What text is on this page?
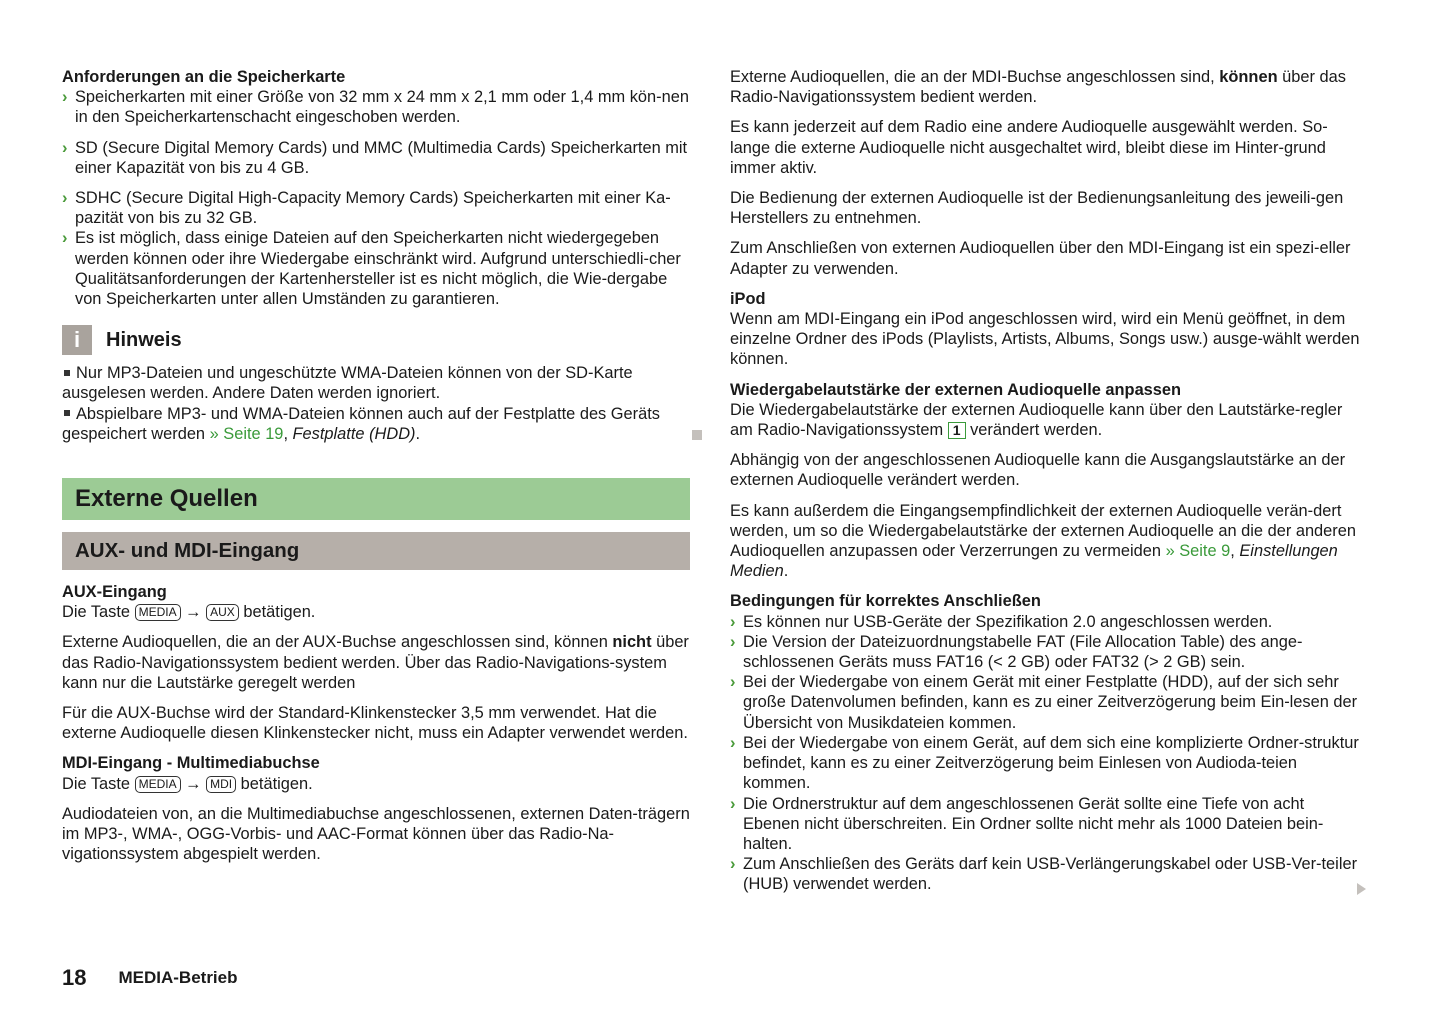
Anforderungen an die Speicherkarte
› Speicherkarten mit einer Größe von 32 mm x 24 mm x 2,1 mm oder 1,4 mm kön-nen in den Speicherkartenschacht eingeschoben werden.
› SD (Secure Digital Memory Cards) und MMC (Multimedia Cards) Speicherkarten mit einer Kapazität von bis zu 4 GB.
› SDHC (Secure Digital High-Capacity Memory Cards) Speicherkarten mit einer Ka-pazität von bis zu 32 GB.
› Es ist möglich, dass einige Dateien auf den Speicherkarten nicht wiedergegeben werden können oder ihre Wiedergabe einschränkt wird. Aufgrund unterschiedli-cher Qualitätsanforderungen der Kartenhersteller ist es nicht möglich, die Wie-dergabe von Speicherkarten unter allen Umständen zu garantieren.
i	Hinweis
Nur MP3-Dateien und ungeschützte WMA-Dateien können von der SD-Karte ausgelesen werden. Andere Daten werden ignoriert.
Abspielbare MP3- und WMA-Dateien können auch auf der Festplatte des Geräts gespeichert werden » Seite 19, Festplatte (HDD).
Externe Quellen
AUX- und MDI-Eingang
AUX-Eingang

Die Taste MEDIA → AUX betätigen.

Externe Audioquellen, die an der AUX-Buchse angeschlossen sind, können nicht über das Radio-Navigationssystem bedient werden. Über das Radio-Navigations-system kann nur die Lautstärke geregelt werden

Für die AUX-Buchse wird der Standard-Klinkenstecker 3,5 mm verwendet. Hat die externe Audioquelle diesen Klinkenstecker nicht, muss ein Adapter verwendet werden.

MDI-Eingang - Multimediabuchse

Die Taste MEDIA → MDI betätigen.

Audiodateien von, an die Multimediabuchse angeschlossenen, externen Daten-trägern im MP3-, WMA-, OGG-Vorbis- und AAC-Format können über das Radio-Na-vigationssystem abgespielt werden.

Externe Audioquellen, die an der MDI-Buchse angeschlossen sind, können über das Radio-Navigationssystem bedient werden.

Es kann jederzeit auf dem Radio eine andere Audioquelle ausgewählt werden. So-lange die externe Audioquelle nicht ausgechaltet wird, bleibt diese im Hinter-grund immer aktiv.

Die Bedienung der externen Audioquelle ist der Bedienungsanleitung des jeweili-gen Herstellers zu entnehmen.

Zum Anschließen von externen Audioquellen über den MDI-Eingang ist ein spezi-eller Adapter zu verwenden.

iPod

Wenn am MDI-Eingang ein iPod angeschlossen wird, wird ein Menü geöffnet, in dem einzelne Ordner des iPods (Playlists, Artists, Albums, Songs usw.) ausge-wählt werden können.

Wiedergabelautstärke der externen Audioquelle anpassen

Die Wiedergabelautstärke der externen Audioquelle kann über den Lautstärke-regler am Radio-Navigationssystem 1 verändert werden.

Abhängig von der angeschlossenen Audioquelle kann die Ausgangslautstärke an der externen Audioquelle verändert werden.

Es kann außerdem die Eingangsempfindlichkeit der externen Audioquelle verän-dert werden, um so die Wiedergabelautstärke der externen Audioquelle an die der anderen Audioquellen anzupassen oder Verzerrungen zu vermeiden » Seite 9, Einstellungen Medien.

Bedingungen für korrektes Anschließen
› Es können nur USB-Geräte der Spezifikation 2.0 angeschlossen werden.
› Die Version der Dateizuordnungstabelle FAT (File Allocation Table) des ange-schlossenen Geräts muss FAT16 (< 2 GB) oder FAT32 (> 2 GB) sein.
› Bei der Wiedergabe von einem Gerät mit einer Festplatte (HDD), auf der sich sehr große Datenvolumen befinden, kann es zu einer Zeitverzögerung beim Ein-lesen der Übersicht von Musikdateien kommen.
› Bei der Wiedergabe von einem Gerät, auf dem sich eine komplizierte Ordner-struktur befindet, kann es zu einer Zeitverzögerung beim Einlesen von Audioda-teien kommen.
› Die Ordnerstruktur auf dem angeschlossenen Gerät sollte eine Tiefe von acht Ebenen nicht überschreiten. Ein Ordner sollte nicht mehr als 1000 Dateien bein-halten.
› Zum Anschließen des Geräts darf kein USB-Verlängerungskabel oder USB-Ver-teiler (HUB) verwendet werden.
18 MEDIA-Betrieb
